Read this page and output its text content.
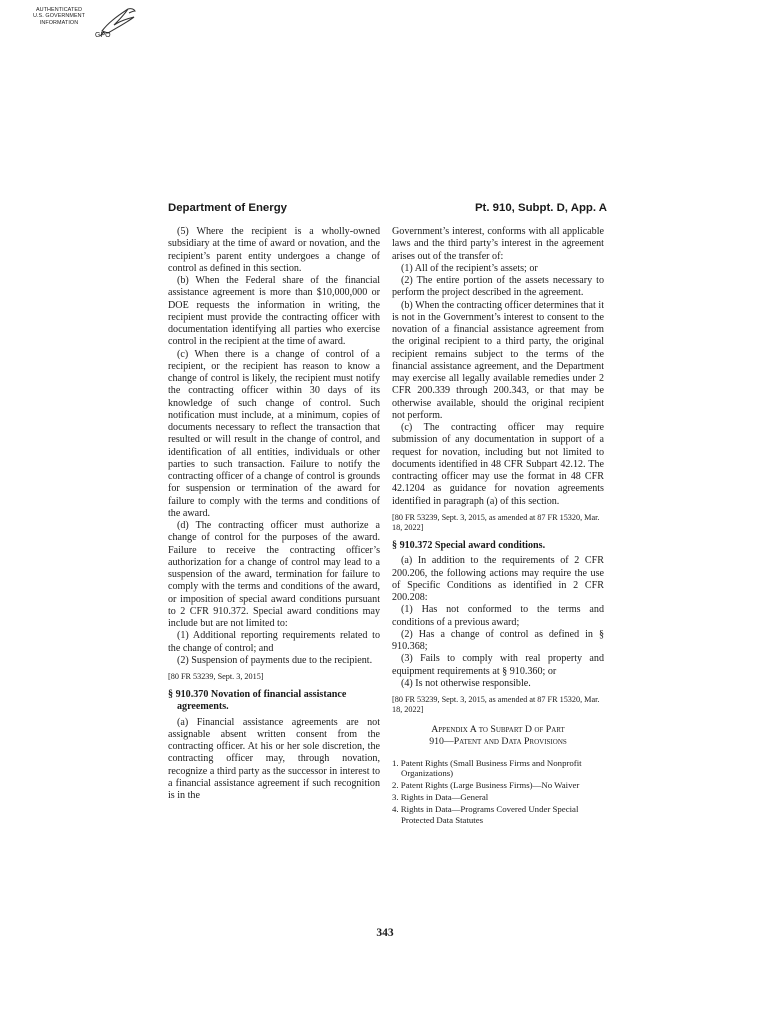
AUTHENTICATED
U.S. GOVERNMENT
INFORMATION
GPO
Department of Energy	Pt. 910, Subpt. D, App. A

(5) Where the recipient is a wholly-owned subsidiary at the time of award or novation, and the recipient’s parent entity undergoes a change of control as defined in this section.

(b) When the Federal share of the financial assistance agreement is more than $10,000,000 or DOE requests the information in writing, the recipient must provide the contracting officer with documentation identifying all parties who exercise control in the recipient at the time of award.

(c) When there is a change of control of a recipient, or the recipient has reason to know a change of control is likely, the recipient must notify the contracting officer within 30 days of its knowledge of such change of control. Such notification must include, at a minimum, copies of documents necessary to reflect the transaction that resulted or will result in the change of control, and identification of all entities, individuals or other parties to such transaction. Failure to notify the contracting officer of a change of control is grounds for suspension or termination of the award for failure to comply with the terms and conditions of the award.

(d) The contracting officer must authorize a change of control for the purposes of the award. Failure to receive the contracting officer’s authorization for a change of control may lead to a suspension of the award, termination for failure to comply with the terms and conditions of the award, or imposition of special award conditions pursuant to 2 CFR 910.372. Special award conditions may include but are not limited to:

(1) Additional reporting requirements related to the change of control; and

(2) Suspension of payments due to the recipient.

[80 FR 53239, Sept. 3, 2015]
§ 910.370 Novation of financial assistance agreements.

(a) Financial assistance agreements are not assignable absent written consent from the contracting officer. At his or her sole discretion, the contracting officer may, through novation, recognize a third party as the successor in interest to a financial assistance agreement if such recognition is in the

Government’s interest, conforms with all applicable laws and the third party’s interest in the agreement arises out of the transfer of:

(1) All of the recipient’s assets; or

(2) The entire portion of the assets necessary to perform the project described in the agreement.

(b) When the contracting officer determines that it is not in the Government’s interest to consent to the novation of a financial assistance agreement from the original recipient to a third party, the original recipient remains subject to the terms of the financial assistance agreement, and the Department may exercise all legally available remedies under 2 CFR 200.339 through 200.343, or that may be otherwise available, should the original recipient not perform.

(c) The contracting officer may require submission of any documentation in support of a request for novation, including but not limited to documents identified in 48 CFR Subpart 42.12. The contracting officer may use the format in 48 CFR 42.1204 as guidance for novation agreements identified in paragraph (a) of this section.

[80 FR 53239, Sept. 3, 2015, as amended at 87 FR 15320, Mar. 18, 2022]
§ 910.372 Special award conditions.

(a) In addition to the requirements of 2 CFR 200.206, the following actions may require the use of Specific Conditions as identified in 2 CFR 200.208:

(1) Has not conformed to the terms and conditions of a previous award;

(2) Has a change of control as defined in § 910.368;

(3) Fails to comply with real property and equipment requirements at § 910.360; or

(4) Is not otherwise responsible.

[80 FR 53239, Sept. 3, 2015, as amended at 87 FR 15320, Mar. 18, 2022]
Appendix A to Subpart D of Part
910—Patent and Data Provisions
1. Patent Rights (Small Business Firms and Nonprofit Organizations)
2. Patent Rights (Large Business Firms)—No Waiver
3. Rights in Data—General
4. Rights in Data—Programs Covered Under Special Protected Data Statutes
343
